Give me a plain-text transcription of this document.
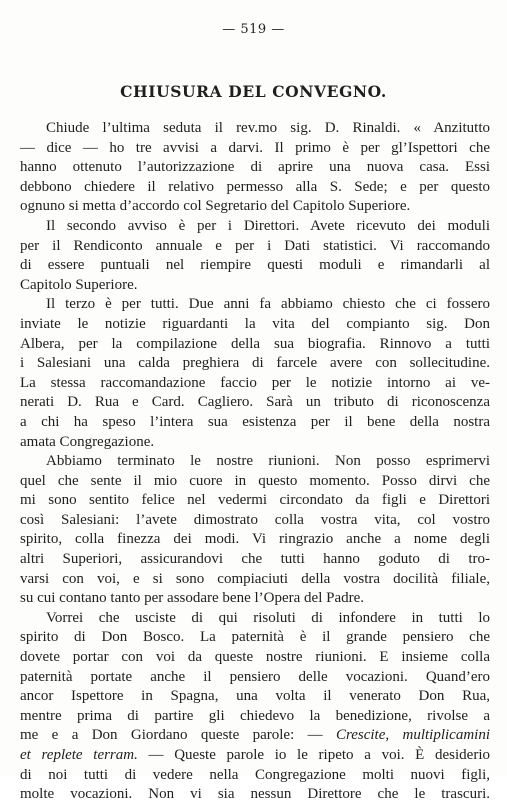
— 519 —
CHIUSURA DEL CONVEGNO.
Chiude l’ultima seduta il rev.mo sig. D. Rinaldi. « Anzitutto
— dice — ho tre avvisi a darvi. Il primo è per gl’Ispettori che
hanno ottenuto l’autorizzazione di aprire una nuova casa. Essi
debbono chiedere il relativo permesso alla S. Sede; e per questo
ognuno si metta d’accordo col Segretario del Capitolo Superiore.
Il secondo avviso è per i Direttori. Avete ricevuto dei moduli
per il Rendiconto annuale e per i Dati statistici. Vi raccomando
di essere puntuali nel riempire questi moduli e rimandarli al
Capitolo Superiore.
Il terzo è per tutti. Due anni fa abbiamo chiesto che ci fossero
inviate le notizie riguardanti la vita del compianto sig. Don
Albera, per la compilazione della sua biografia. Rinnovo a tutti
i Salesiani una calda preghiera di farcele avere con sollecitudine.
La stessa raccomandazione faccio per le notizie intorno ai ve-
nerati D. Rua e Card. Cagliero. Sarà un tributo di riconoscenza
a chi ha speso l’intera sua esistenza per il bene della nostra
amata Congregazione.
Abbiamo terminato le nostre riunioni. Non posso esprimervi
quel che sente il mio cuore in questo momento. Posso dirvi che
mi sono sentito felice nel vedermi circondato da figli e Direttori
così Salesiani: l’avete dimostrato colla vostra vita, col vostro
spirito, colla finezza dei modi. Vi ringrazio anche a nome degli
altri Superiori, assicurandovi che tutti hanno goduto di tro-
varsi con voi, e si sono compiaciuti della vostra docilità filiale,
su cui contano tanto per assodare bene l’Opera del Padre.
Vorrei che usciste di qui risoluti di infondere in tutti lo
spirito di Don Bosco. La paternità è il grande pensiero che
dovete portar con voi da queste nostre riunioni. E insieme colla
paternità portate anche il pensiero delle vocazioni. Quand’ero
ancor Ispettore in Spagna, una volta il venerato Don Rua,
mentre prima di partire gli chiedevo la benedizione, rivolse a
me e a Don Giordano queste parole: — Crescite, multiplicamini
et replete terram. — Queste parole io le ripeto a voi. È desiderio
di noi tutti di vedere nella Congregazione molti nuovi figli,
molte vocazioni. Non vi sia nessun Direttore che le trascuri.
